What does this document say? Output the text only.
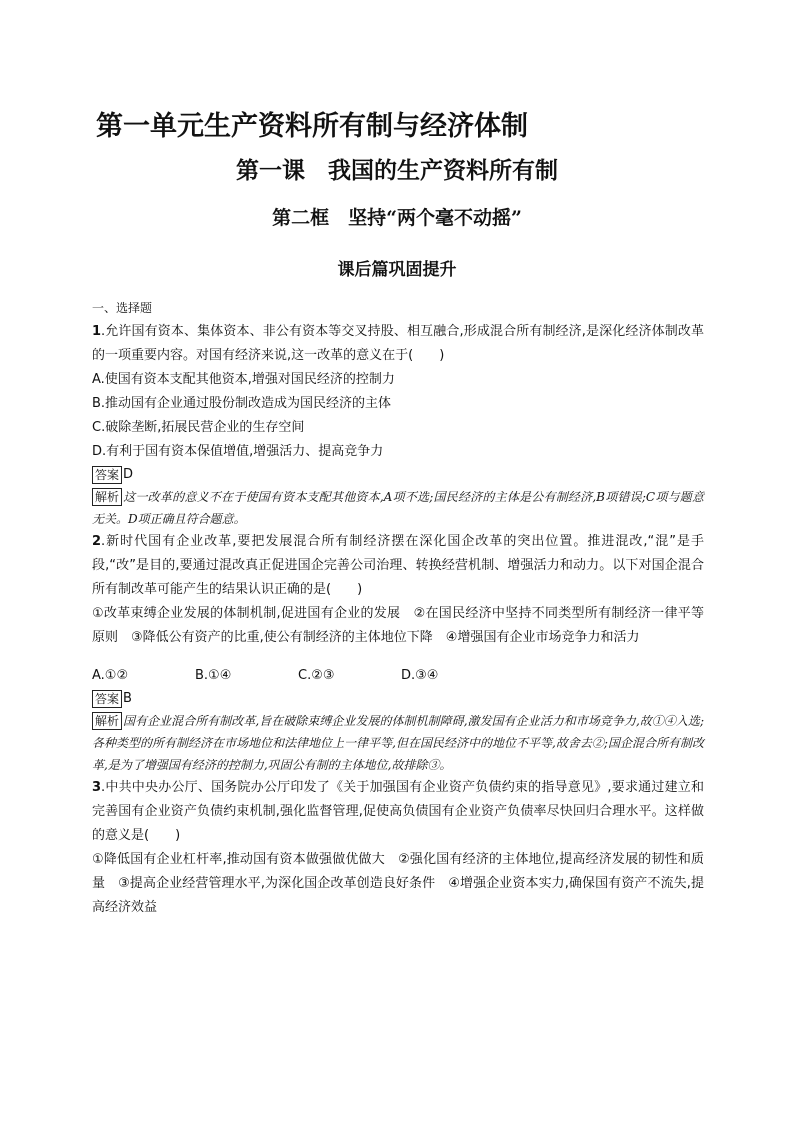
第一单元生产资料所有制与经济体制
第一课　我国的生产资料所有制
第二框　坚持“两个毫不动摇”
课后篇巩固提升

一、选择题

1.允许国有资本、集体资本、非公有资本等交叉持股、相互融合,形成混合所有制经济,是深化经济体制改革的一项重要内容。对国有经济来说,这一改革的意义在于(　　)

A.使国有资本支配其他资本,增强对国民经济的控制力

B.推动国有企业通过股份制改造成为国民经济的主体

C.破除垄断,拓展民营企业的生存空间

D.有利于国有资本保值增值,增强活力、提高竞争力

答案 D

解析 这一改革的意义不在于使国有资本支配其他资本,A项不选;国民经济的主体是公有制经济,B项错误;C项与题意无关。D项正确且符合题意。

2.新时代国有企业改革,要把发展混合所有制经济摆在深化国企改革的突出位置。推进混改,“混”是手段,“改”是目的,要通过混改真正促进国企完善公司治理、转换经营机制、增强活力和动力。以下对国企混合所有制改革可能产生的结果认识正确的是(　　)

①改革束缚企业发展的体制机制,促进国有企业的发展　②在国民经济中坚持不同类型所有制经济一律平等原则　③降低公有资产的比重,使公有制经济的主体地位下降　④增强国有企业市场竞争力和活力

A.①②	B.①④	C.②③	D.③④

答案 B

解析 国有企业混合所有制改革,旨在破除束缚企业发展的体制机制障碍,激发国有企业活力和市场竞争力,故①④入选;各种类型的所有制经济在市场地位和法律地位上一律平等,但在国民经济中的地位不平等,故舍去②;国企混合所有制改革,是为了增强国有经济的控制力,巩固公有制的主体地位,故排除③。

3.中共中央办公厅、国务院办公厅印发了《关于加强国有企业资产负债约束的指导意见》,要求通过建立和完善国有企业资产负债约束机制,强化监督管理,促使高负债国有企业资产负债率尽快回归合理水平。这样做的意义是(　　)

①降低国有企业杠杆率,推动国有资本做强做优做大　②强化国有经济的主体地位,提高经济发展的韧性和质量　③提高企业经营管理水平,为深化国企改革创造良好条件　④增强企业资本实力,确保国有资产不流失,提高经济效益
